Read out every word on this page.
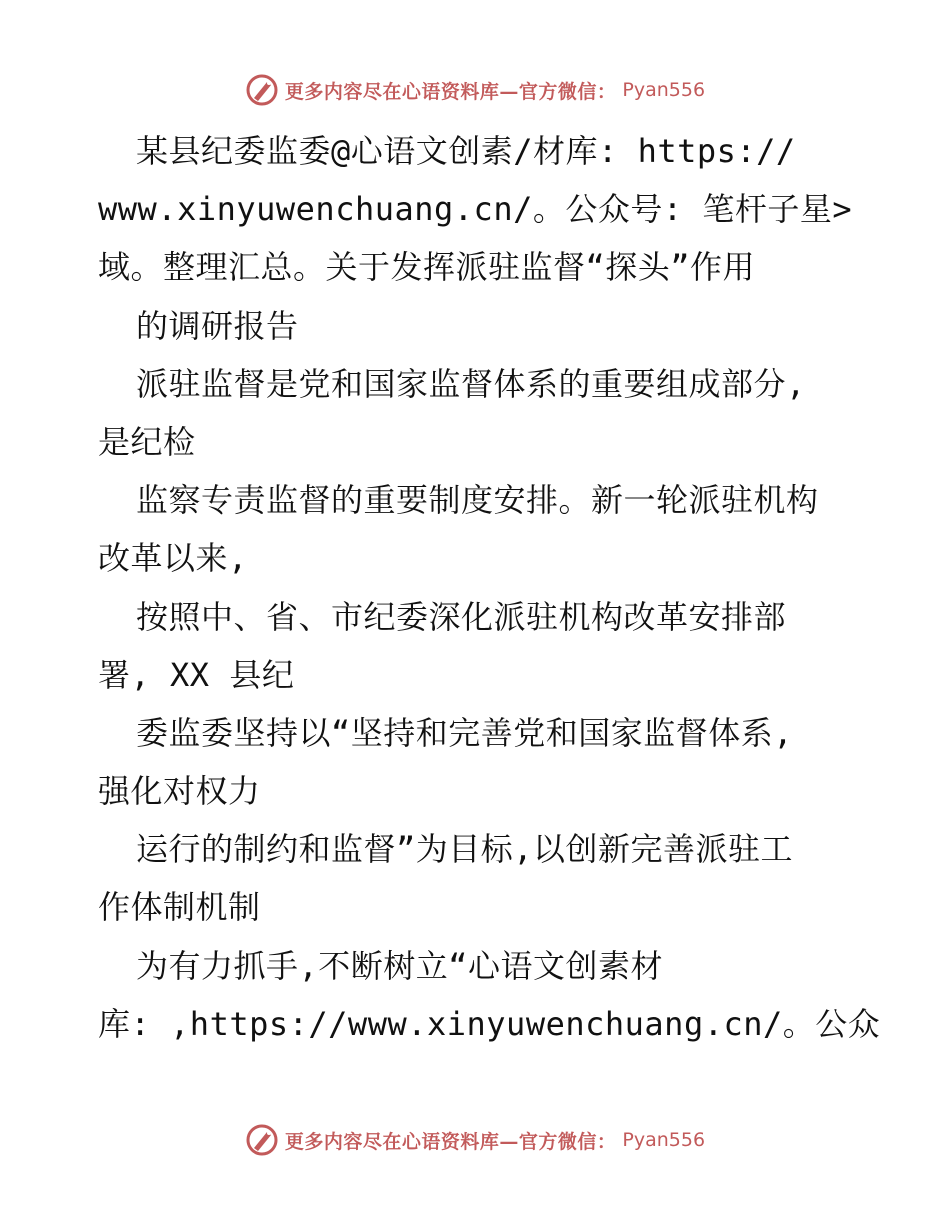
更多内容尽在心语资料库—官方微信： Pyan556
某县纪委监委@心语文创素/材库: https://
www.xinyuwenchuang.cn/。公众号: 笔杆子星>
域。整理汇总。关于发挥派驻监督“探头”作用
的调研报告
派驻监督是党和国家监督体系的重要组成部分,
是纪检
监察专责监督的重要制度安排。新一轮派驻机构
改革以来,
按照中、省、市纪委深化派驻机构改革安排部
署, XX 县纪
委监委坚持以“坚持和完善党和国家监督体系,
强化对权力
运行的制约和监督”为目标,以创新完善派驻工
作体制机制
为有力抓手,不断树立“心语文创素材
库: ,https://www.xinyuwenchuang.cn/。公众
更多内容尽在心语资料库—官方微信： Pyan556
